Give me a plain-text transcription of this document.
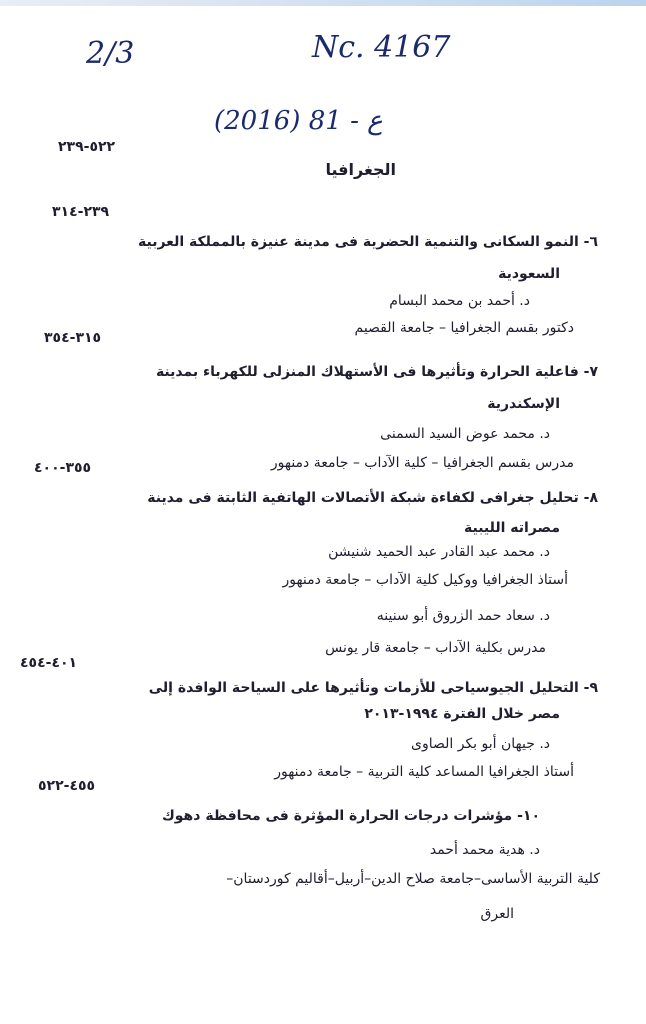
2/3	Nc. 4167
(2016) 81 - ع
٥٢٢-٢٣٩
الجغرافيا
٢٣٩-٣١٤
٦- النمو السكانى والتنمية الحضرية فى مدينة عنيزة بالمملكة العربية
السعودية
د. أحمد بن محمد البسام
دكتور بقسم الجغرافيا – جامعة القصيم
٣١٥-٣٥٤
٧- فاعلية الحرارة وتأثيرها فى الأستهلاك المنزلى للكهرباء بمدينة
الإسكندرية
د. محمد عوض السيد السمنى
مدرس بقسم الجغرافيا – كلية الآداب – جامعة دمنهور
٣٥٥-٤٠٠
٨- تحليل جغرافى لكفاءة شبكة الأتصالات الهاتفية الثابتة فى مدينة
مصراته الليبية
د. محمد عبد القادر عبد الحميد شنيشن
أستاذ الجغرافيا ووكيل كلية الآداب – جامعة دمنهور
د. سعاد حمد الزروق أبو سنينه
مدرس بكلية الآداب – جامعة قار يونس
٤٠١-٤٥٤
٩- التحليل الجيوسياحى للأزمات وتأثيرها على السياحة الوافدة إلى
مصر خلال الفترة ١٩٩٤-٢٠١٣
د. جيهان أبو بكر الصاوى
أستاذ الجغرافيا المساعد كلية التربية – جامعة دمنهور
٤٥٥-٥٢٢
١٠- مؤشرات درجات الحرارة المؤثرة فى محافظة دهوك
د. هدية محمد أحمد
كلية التربية الأساسى–جامعة صلاح الدين–أربيل–أقاليم كوردستان–
العرق
